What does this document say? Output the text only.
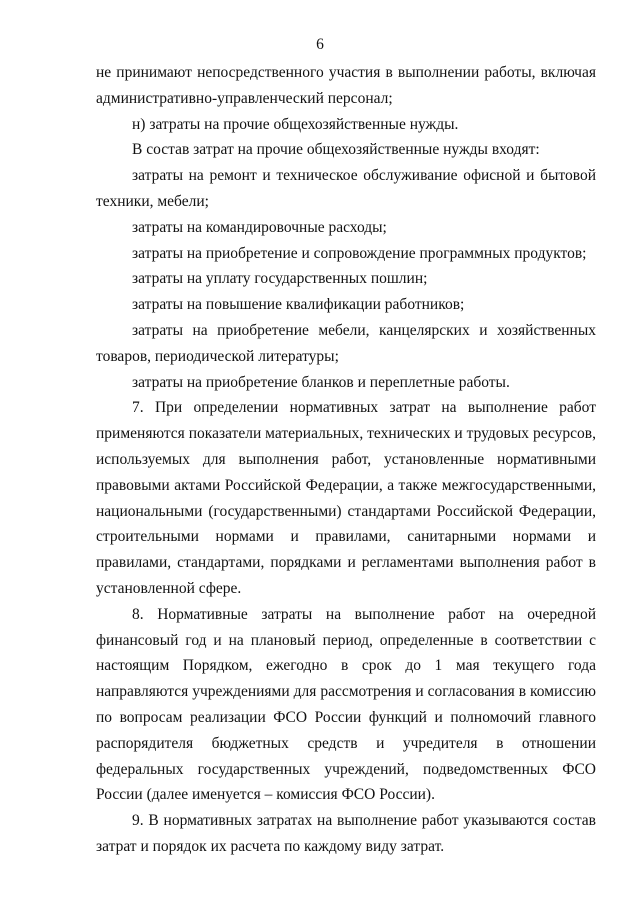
6

не принимают непосредственного участия в выполнении работы, включая административно-управленческий персонал;

н) затраты на прочие общехозяйственные нужды.

В состав затрат на прочие общехозяйственные нужды входят:

затраты на ремонт и техническое обслуживание офисной и бытовой техники, мебели;

затраты на командировочные расходы;

затраты на приобретение и сопровождение программных продуктов;

затраты на уплату государственных пошлин;

затраты на повышение квалификации работников;

затраты на приобретение мебели, канцелярских и хозяйственных товаров, периодической литературы;

затраты на приобретение бланков и переплетные работы.

7. При определении нормативных затрат на выполнение работ применяются показатели материальных, технических и трудовых ресурсов, используемых для выполнения работ, установленные нормативными правовыми актами Российской Федерации, а также межгосударственными, национальными (государственными) стандартами Российской Федерации, строительными нормами и правилами, санитарными нормами и правилами, стандартами, порядками и регламентами выполнения работ в установленной сфере.

8. Нормативные затраты на выполнение работ на очередной финансовый год и на плановый период, определенные в соответствии с настоящим Порядком, ежегодно в срок до 1 мая текущего года направляются учреждениями для рассмотрения и согласования в комиссию по вопросам реализации ФСО России функций и полномочий главного распорядителя бюджетных средств и учредителя в отношении федеральных государственных учреждений, подведомственных ФСО России (далее именуется – комиссия ФСО России).

9. В нормативных затратах на выполнение работ указываются состав затрат и порядок их расчета по каждому виду затрат.
